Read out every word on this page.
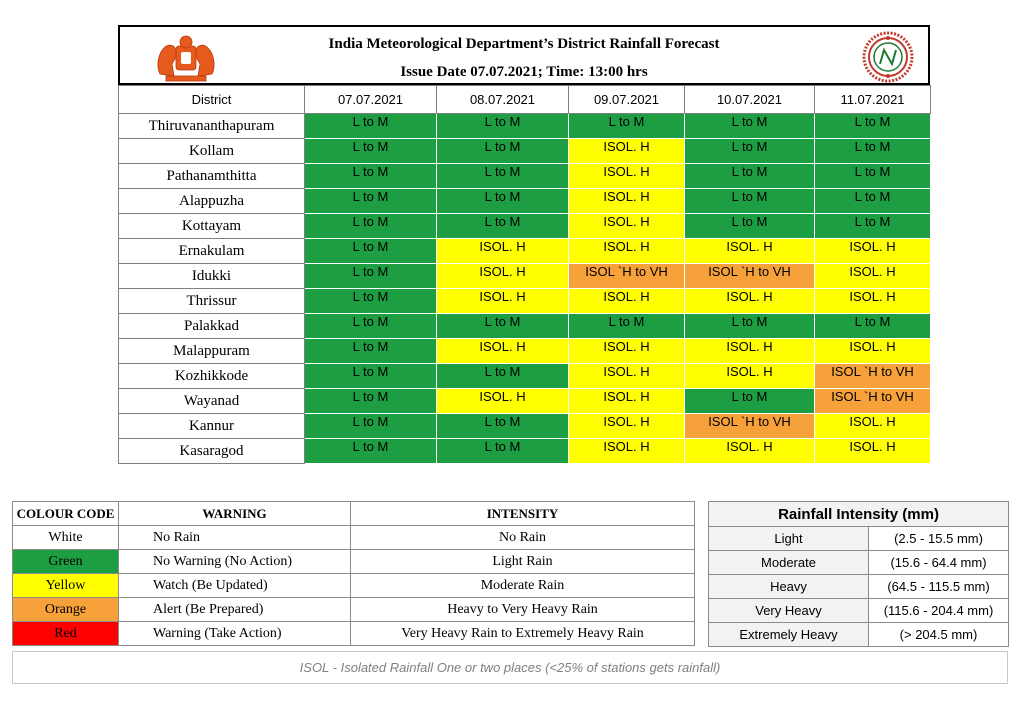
India Meteorological Department’s District Rainfall Forecast
Issue Date 07.07.2021; Time: 13:00 hrs
District	07.07.2021	08.07.2021	09.07.2021	10.07.2021	11.07.2021
Thiruvananthapuram	L to M	L to M	L to M	L to M	L to M
Kollam	L to M	L to M	ISOL. H	L to M	L to M
Pathanamthitta	L to M	L to M	ISOL. H	L to M	L to M
Alappuzha	L to M	L to M	ISOL. H	L to M	L to M
Kottayam	L to M	L to M	ISOL. H	L to M	L to M
Ernakulam	L to M	ISOL. H	ISOL. H	ISOL. H	ISOL. H
Idukki	L to M	ISOL. H	ISOL `H to VH	ISOL `H to VH	ISOL. H
Thrissur	L to M	ISOL. H	ISOL. H	ISOL. H	ISOL. H
Palakkad	L to M	L to M	L to M	L to M	L to M
Malappuram	L to M	ISOL. H	ISOL. H	ISOL. H	ISOL. H
Kozhikkode	L to M	L to M	ISOL. H	ISOL. H	ISOL `H to VH
Wayanad	L to M	ISOL. H	ISOL. H	L to M	ISOL `H to VH
Kannur	L to M	L to M	ISOL. H	ISOL `H to VH	ISOL. H
Kasaragod	L to M	L to M	ISOL. H	ISOL. H	ISOL. H
COLOUR CODE	WARNING	INTENSITY
White	No Rain	No Rain
Green	No Warning (No Action)	Light Rain
Yellow	Watch (Be Updated)	Moderate Rain
Orange	Alert (Be Prepared)	Heavy to Very Heavy Rain
Red	Warning (Take Action)	Very Heavy Rain to Extremely Heavy Rain
Rainfall Intensity (mm)	
Light	(2.5 - 15.5 mm)
Moderate	(15.6 - 64.4 mm)
Heavy	(64.5 - 115.5 mm)
Very Heavy	(115.6 - 204.4 mm)
Extremely Heavy	(> 204.5 mm)
ISOL - Isolated Rainfall One or two places (<25% of stations gets rainfall)
